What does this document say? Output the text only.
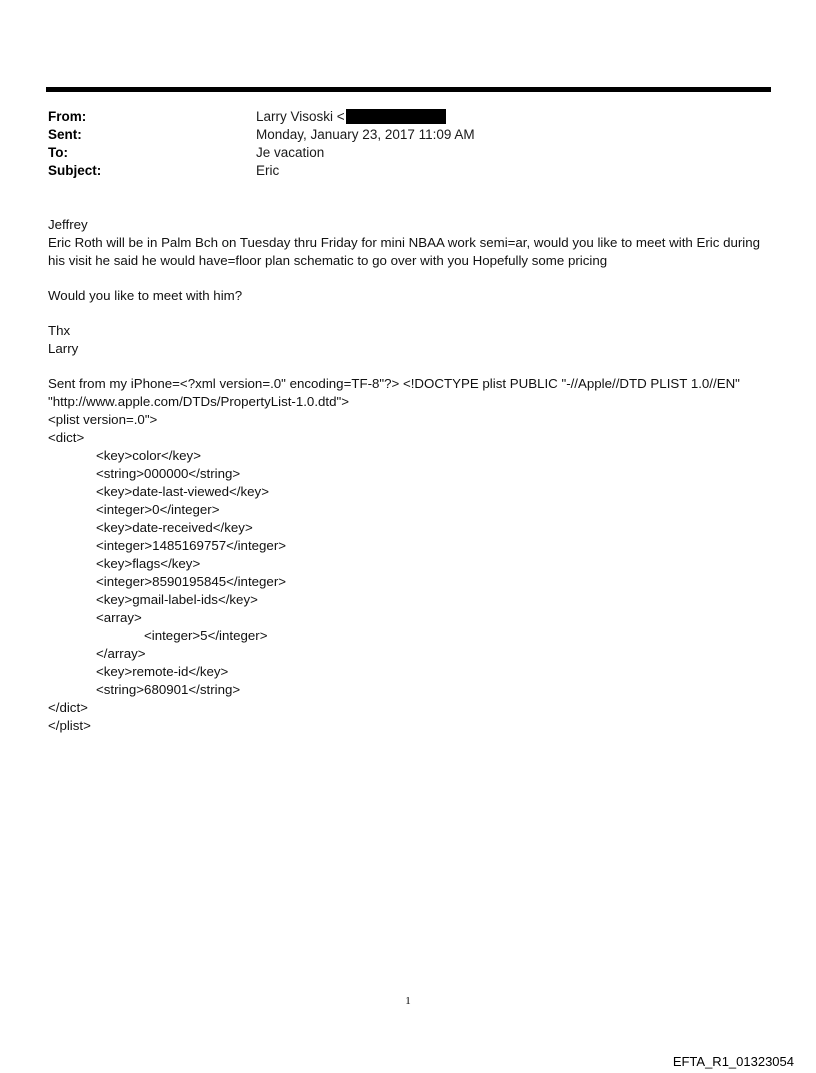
From:	Larry Visoski <
Sent:	Monday, January 23, 2017 11:09 AM
To:	Je vacation
Subject:	Eric

Jeffrey

Eric Roth will be in Palm Bch on Tuesday thru Friday for mini NBAA work semi=ar, would you like to meet with Eric during his visit he said he would have=floor plan schematic to go over with you Hopefully some pricing

Would you like to meet with him?

Thx

Larry

Sent from my iPhone=<?xml version=.0" encoding=TF-8"?> <!DOCTYPE plist PUBLIC "-//Apple//DTD PLIST 1.0//EN" "http://www.apple.com/DTDs/PropertyList-1.0.dtd">

<plist version=.0">
<dict>
<key>color</key>
<string>000000</string>
<key>date-last-viewed</key>
<integer>0</integer>
<key>date-received</key>
<integer>1485169757</integer>
<key>flags</key>
<integer>8590195845</integer>
<key>gmail-label-ids</key>
<array>
<integer>5</integer>
</array>
<key>remote-id</key>
<string>680901</string>
</dict>
</plist>
1
EFTA_R1_01323054
